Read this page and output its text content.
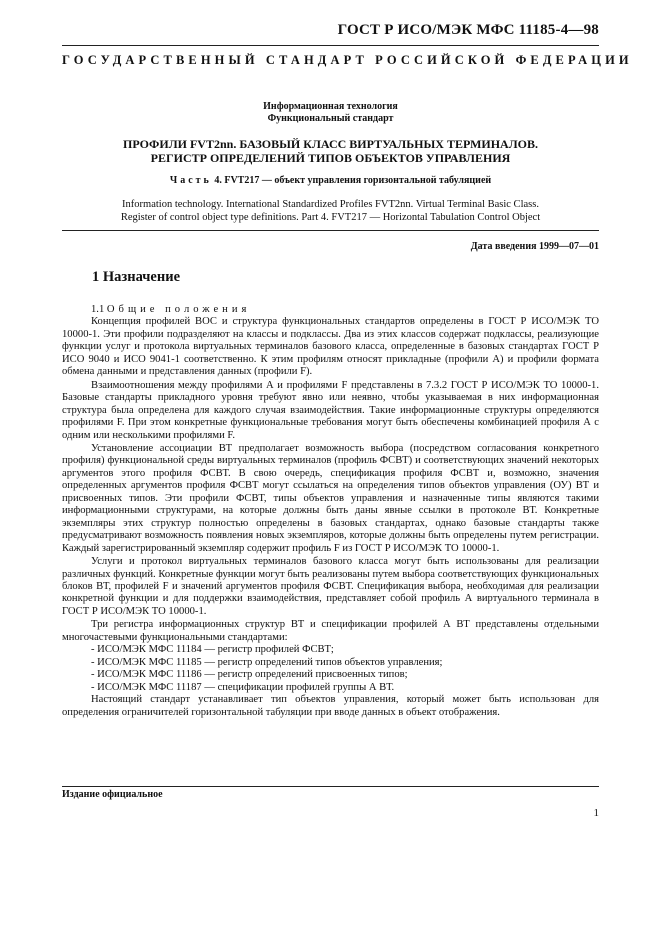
ГОСТ Р ИСО/МЭК МФС 11185-4—98
ГОСУДАРСТВЕННЫЙ СТАНДАРТ РОССИЙСКОЙ ФЕДЕРАЦИИ
Информационная технология
Функциональный стандарт
ПРОФИЛИ FVT2nn. БАЗОВЫЙ КЛАСС ВИРТУАЛЬНЫХ ТЕРМИНАЛОВ.
РЕГИСТР ОПРЕДЕЛЕНИЙ ТИПОВ ОБЪЕКТОВ УПРАВЛЕНИЯ
Часть 4. FVT217 — объект управления горизонтальной табуляцией
Information technology. International Standardized Profiles FVT2nn. Virtual Terminal Basic Class.
Register of control object type definitions. Part 4. FVT217 — Horizontal Tabulation Control Object
Дата введения 1999—07—01
1 Назначение

1.1 Общие положения

Концепция профилей ВОС и структура функциональных стандартов определены в ГОСТ Р ИСО/МЭК ТО 10000-1. Эти профили подразделяют на классы и подклассы. Два из этих классов содержат подклассы, реализующие функции услуг и протокола виртуальных терминалов базового класса, определенные в базовых стандартах ГОСТ Р ИСО 9040 и ИСО 9041-1 соответственно. К этим профилям относят прикладные (профили А) и профили формата обмена данными и представления данных (профили F).

Взаимоотношения между профилями А и профилями F представлены в 7.3.2 ГОСТ Р ИСО/МЭК ТО 10000-1. Базовые стандарты прикладного уровня требуют явно или неявно, чтобы указываемая в них информационная структура была определена для каждого случая взаимодействия. Такие информационные структуры определяются профилями F. При этом конкретные функциональные требования могут быть обеспечены комбинацией профиля А с одним или несколькими профилями F.

Установление ассоциации ВТ предполагает возможность выбора (посредством согласования конкретного профиля) функциональной среды виртуальных терминалов (профиль ФСВТ) и соответствующих значений некоторых аргументов этого профиля ФСВТ. В свою очередь, спецификация профиля ФСВТ и, возможно, значения определенных аргументов профиля ФСВТ могут ссылаться на определения типов объектов управления (ОУ) ВТ и присвоенных типов. Эти профили ФСВТ, типы объектов управления и назначенные типы являются такими информационными структурами, на которые должны быть даны явные ссылки в протоколе ВТ. Конкретные экземпляры этих структур полностью определены в базовых стандартах, однако базовые стандарты также предусматривают возможность появления новых экземпляров, которые должны быть определены путем регистрации. Каждый зарегистрированный экземпляр содержит профиль F из ГОСТ Р ИСО/МЭК ТО 10000-1.

Услуги и протокол виртуальных терминалов базового класса могут быть использованы для реализации различных функций. Конкретные функции могут быть реализованы путем выбора соответствующих функциональных блоков ВТ, профилей F и значений аргументов профиля ФСВТ. Спецификация выбора, необходимая для реализации конкретной функции и для поддержки взаимодействия, представляет собой профиль А виртуального терминала в ГОСТ Р ИСО/МЭК ТО 10000-1.

Три регистра информационных структур ВТ и спецификации профилей А ВТ представлены отдельными многочастевыми функциональными стандартами:

- ИСО/МЭК МФС 11184 — регистр профилей ФСВТ;

- ИСО/МЭК МФС 11185 — регистр определений типов объектов управления;

- ИСО/МЭК МФС 11186 — регистр определений присвоенных типов;

- ИСО/МЭК МФС 11187 — спецификации профилей группы А ВТ.

Настоящий стандарт устанавливает тип объектов управления, который может быть использован для определения ограничителей горизонтальной табуляции при вводе данных в объект отображения.

Издание официальное
1
